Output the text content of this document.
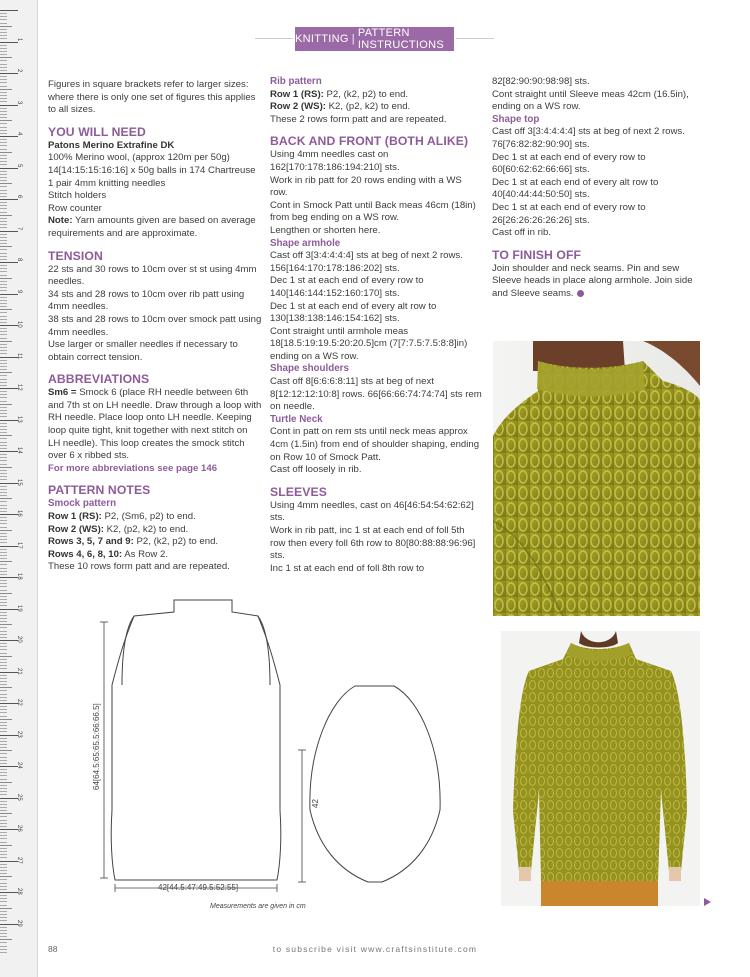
1
2
3
4
5
6
7
8
9
10
11
12
13
14
15
16
17
18
19
20
21
22
23
24
25
26
27
28
29
KNITTING | PATTERN INSTRUCTIONS

Figures in square brackets refer to larger sizes: where there is only one set of figures this applies to all sizes.

YOU WILL NEED

Patons Merino Extrafine DK

100% Merino wool, (approx 120m per 50g)

14[14:15:15:16:16] x 50g balls in 174 Chartreuse

1 pair 4mm knitting needles

Stitch holders

Row counter

Note: Yarn amounts given are based on average requirements and are approximate.

TENSION

22 sts and 30 rows to 10cm over st st using 4mm needles.

34 sts and 28 rows to 10cm over rib patt using 4mm needles.

38 sts and 28 rows to 10cm over smock patt using 4mm needles.

Use larger or smaller needles if necessary to obtain correct tension.

ABBREVIATIONS

Sm6 = Smock 6 (place RH needle between 6th and 7th st on LH needle. Draw through a loop with RH needle. Place loop onto LH needle. Keeping loop quite tight, knit together with next stitch on LH needle). This loop creates the smock stitch over 6 x ribbed sts.

For more abbreviations see page 146

PATTERN NOTES

Smock pattern

Row 1 (RS): P2, (Sm6, p2) to end.

Row 2 (WS): K2, (p2, k2) to end.

Rows 3, 5, 7 and 9: P2, (k2, p2) to end.

Rows 4, 6, 8, 10: As Row 2.

These 10 rows form patt and are repeated.

Rib pattern

Row 1 (RS): P2, (k2, p2) to end.

Row 2 (WS): K2, (p2, k2) to end.

These 2 rows form patt and are repeated.

BACK AND FRONT (BOTH ALIKE)

Using 4mm needles cast on 162[170:178:186:194:210] sts.

Work in rib patt for 20 rows ending with a WS row.

Cont in Smock Patt until Back meas 46cm (18in) from beg ending on a WS row.

Lengthen or shorten here.

Shape armhole

Cast off 3[3:4:4:4:4] sts at beg of next 2 rows. 156[164:170:178:186:202] sts.

Dec 1 st at each end of every row to 140[146:144:152:160:170] sts.

Dec 1 st at each end of every alt row to 130[138:138:146:154:162] sts.

Cont straight until armhole meas 18[18.5:19:19.5:20:20.5]cm (7[7:7.5:7.5:8:8]in) ending on a WS row.

Shape shoulders

Cast off 8[6:6:6:8:11] sts at beg of next 8[12:12:12:10:8] rows. 66[66:66:74:74:74] sts rem on needle.

Turtle Neck

Cont in patt on rem sts until neck meas approx 4cm (1.5in) from end of shoulder shaping, ending on Row 10 of Smock Patt.

Cast off loosely in rib.

SLEEVES

Using 4mm needles, cast on 46[46:54:54:62:62] sts.

Work in rib patt, inc 1 st at each end of foll 5th row then every foll 6th row to 80[80:88:88:96:96] sts.

Inc 1 st at each end of foll 8th row to

82[82:90:90:98:98] sts.

Cont straight until Sleeve meas 42cm (16.5in), ending on a WS row.

Shape top

Cast off 3[3:4:4:4:4] sts at beg of next 2 rows. 76[76:82:82:90:90] sts.

Dec 1 st at each end of every row to 60[60:62:62:66:66] sts.

Dec 1 st at each end of every alt row to 40[40:44:44:50:50] sts.

Dec 1 st at each end of every row to 26[26:26:26:26:26] sts.

Cast off in rib.

TO FINISH OFF

Join shoulder and neck seams. Pin and sew Sleeve heads in place along armhole. Join side and Sleeve seams.

64[64.5:65:65.5:66:66.5]
42[44.5:47:49.5:52:55]
42
Measurements are given in cm
88	to subscribe visit www.craftsinstitute.com
